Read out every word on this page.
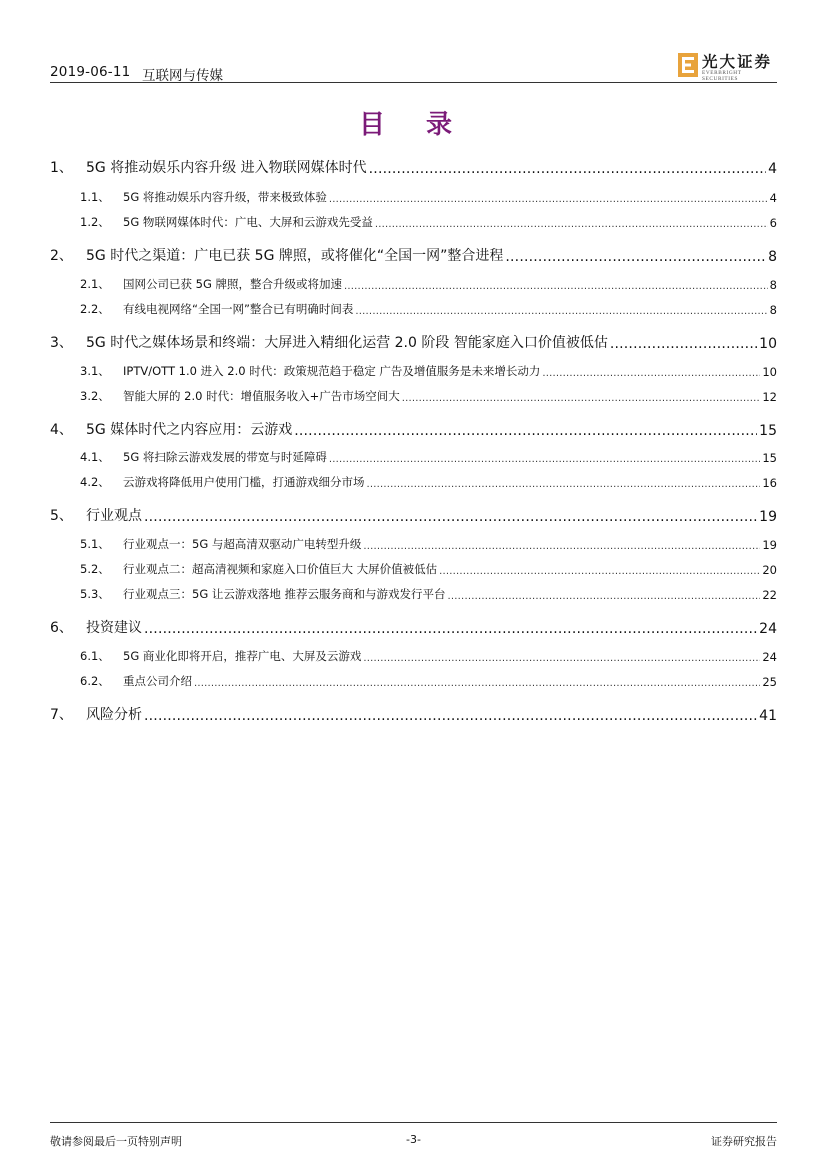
2019-06-11 互联网与传媒
光大证券
EVERBRIGHT SECURITIES
目 录
1、 5G 将推动娱乐内容升级 进入物联网媒体时代 .....	4
1.1、	5G 将推动娱乐内容升级，带来极致体验 .....	4
1.2、	5G 物联网媒体时代：广电、大屏和云游戏先受益 .....	6
2、 5G 时代之渠道：广电已获 5G 牌照，或将催化“全国一网”整合进程 .....	8
2.1、	国网公司已获 5G 牌照，整合升级或将加速 .....	8
2.2、	有线电视网络“全国一网”整合已有明确时间表 .....	8
3、 5G 时代之媒体场景和终端：大屏进入精细化运营 2.0 阶段 智能家庭入口价值被低估 .....	10
3.1、	IPTV/OTT 1.0 进入 2.0 时代：政策规范趋于稳定 广告及增值服务是未来增长动力 .....	10
3.2、	智能大屏的 2.0 时代：增值服务收入+广告市场空间大 .....	12
4、 5G 媒体时代之内容应用：云游戏 .....	15
4.1、	5G 将扫除云游戏发展的带宽与时延障碍 .....	15
4.2、	云游戏将降低用户使用门槛，打通游戏细分市场 .....	16
5、 行业观点 .....	19
5.1、	行业观点一：5G 与超高清双驱动广电转型升级 .....	19
5.2、	行业观点二：超高清视频和家庭入口价值巨大 大屏价值被低估 .....	20
5.3、	行业观点三：5G 让云游戏落地 推荐云服务商和与游戏发行平台 .....	22
6、 投资建议 .....	24
6.1、	5G 商业化即将开启，推荐广电、大屏及云游戏 .....	24
6.2、	重点公司介绍 .....	25
7、 风险分析 .....	41
敬请参阅最后一页特别声明	-3-	证券研究报告
